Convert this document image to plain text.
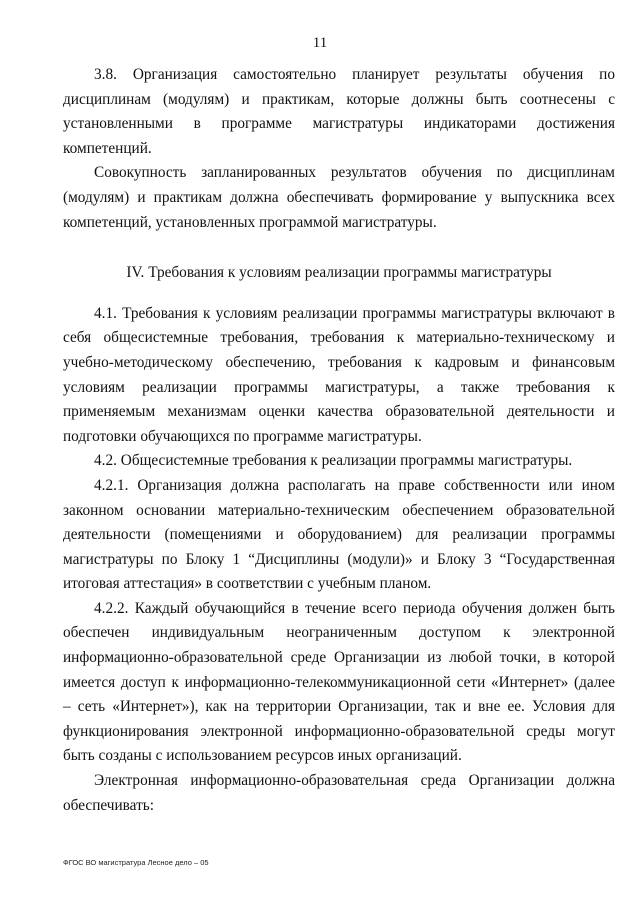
11

3.8. Организация самостоятельно планирует результаты обучения по дисциплинам (модулям) и практикам, которые должны быть соотнесены с установленными в программе магистратуры индикаторами достижения компетенций.

Совокупность запланированных результатов обучения по дисциплинам (модулям) и практикам должна обеспечивать формирование у выпускника всех компетенций, установленных программой магистратуры.

IV. Требования к условиям реализации программы магистратуры

4.1. Требования к условиям реализации программы магистратуры включают в себя общесистемные требования, требования к материально-техническому и учебно-методическому обеспечению, требования к кадровым и финансовым условиям реализации программы магистратуры, а также требования к применяемым механизмам оценки качества образовательной деятельности и подготовки обучающихся по программе магистратуры.

4.2. Общесистемные требования к реализации программы магистратуры.

4.2.1. Организация должна располагать на праве собственности или ином законном основании материально-техническим обеспечением образовательной деятельности (помещениями и оборудованием) для реализации программы магистратуры по Блоку 1 “Дисциплины (модули)» и Блоку 3 “Государственная итоговая аттестация» в соответствии с учебным планом.

4.2.2. Каждый обучающийся в течение всего периода обучения должен быть обеспечен индивидуальным неограниченным доступом к электронной информационно-образовательной среде Организации из любой точки, в которой имеется доступ к информационно-телекоммуникационной сети «Интернет» (далее – сеть «Интернет»), как на территории Организации, так и вне ее. Условия для функционирования электронной информационно-образовательной среды могут быть созданы с использованием ресурсов иных организаций.

Электронная информационно-образовательная среда Организации должна обеспечивать:

ФГОС ВО магистратура Лесное дело – 05
